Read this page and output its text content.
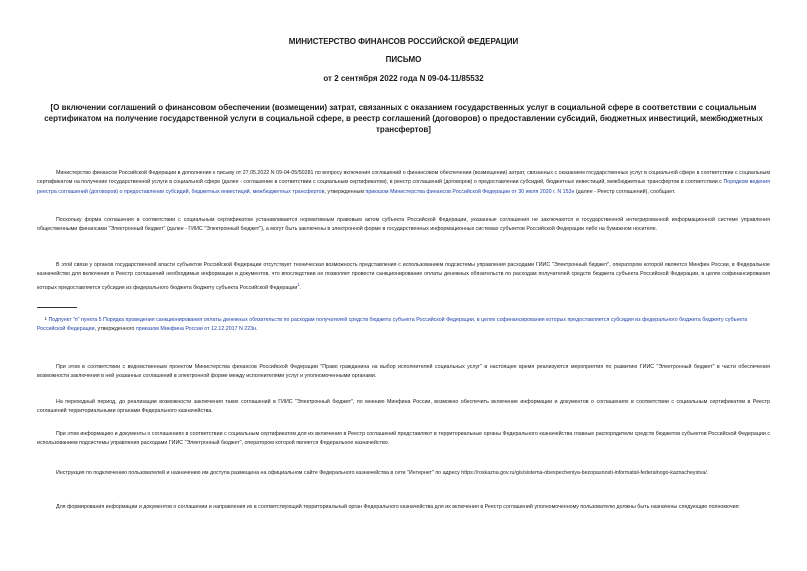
МИНИСТЕРСТВО ФИНАНСОВ РОССИЙСКОЙ ФЕДЕРАЦИИ
ПИСЬМО
от 2 сентября 2022 года N 09-04-11/85532
[О включении соглашений о финансовом обеспечении (возмещении) затрат, связанных с оказанием государственных услуг в социальной сфере в соответствии с социальным сертификатом на получение государственной услуги в социальной сфере, в реестр соглашений (договоров) о предоставлении субсидий, бюджетных инвестиций, межбюджетных трансфертов]
Министерство финансов Российской Федерации в дополнение к письму от 27.05.2022 N 09-04-05/50281 по вопросу включения соглашений о финансовом обеспечении (возмещении) затрат, связанных с оказанием государственных услуг в социальной сфере в соответствии с социальным сертификатом на получение государственной услуги в социальной сфере (далее - соглашение в соответствии с социальным сертификатом), в реестр соглашений (договоров) о предоставлении субсидий, бюджетных инвестиций, межбюджетных трансфертов в соответствии с Порядком ведения реестра соглашений (договоров) о предоставлении субсидий, бюджетных инвестиций, межбюджетных трансфертов, утвержденным приказом Министерства финансов Российской Федерации от 30 июля 2020 г. N 153н (далее - Реестр соглашений), сообщает.
Поскольку форма соглашения в соответствии с социальным сертификатом устанавливается нормативным правовым актом субъекта Российской Федерации, указанные соглашения не заключаются в государственной интегрированной информационной системе управления общественными финансами "Электронный бюджет" (далее - ГИИС "Электронный бюджет"), а могут быть заключены в электронной форме в государственных информационных системах субъектов Российской Федерации либо на бумажном носителе.
В этой связи у органов государственной власти субъектов Российской Федерации отсутствует техническая возможность представления с использованием подсистемы управления расходами ГИИС "Электронный бюджет", оператором которой является Минфин России, в Федеральное казначейство для включения в Реестр соглашений необходимых информации и документов, что впоследствии не позволяет провести санкционирование оплаты денежных обязательств по расходам получателей средств бюджета субъекта Российской Федерации, в целях софинансирования которых предоставляется субсидия из федерального бюджета бюджету субъекта Российской Федерации$^1$.
1 Подпункт "п" пункта 5 Порядка проведения санкционирования оплаты денежных обязательств по расходам получателей средств бюджета субъекта Российской Федерации, в целях софинансирования которых предоставляется субсидия из федерального бюджета бюджету субъекта Российской Федерации, утвержденного приказом Минфина России от 12.12.2017 N 223н.
При этом в соответствии с ведомственным проектом Министерства финансов Российской Федерации "Право гражданина на выбор исполнителей социальных услуг" в настоящее время реализуются мероприятия по развитию ГИИС "Электронный бюджет" в части обеспечения возможности заключения в ней указанных соглашений в электронной форме между исполнителями услуг и уполномоченными органами.
На переходный период, до реализации возможности заключения таких соглашений в ГИИС "Электронный бюджет", по мнению Минфина России, возможно обеспечить включение информации и документов о соглашениях в соответствии с социальным сертификатом в Реестр соглашений территориальными органами Федерального казначейства.
При этом информацию и документы о соглашениях в соответствии с социальным сертификатом для их включения в Реестр соглашений представляют в территориальные органы Федерального казначейства главные распорядители средств бюджетов субъектов Российской Федерации с использованием подсистемы управления расходами ГИИС "Электронный бюджет", оператором которой является Федеральное казначейство.
Инструкция по подключению пользователей и назначению им доступа размещена на официальном сайте Федерального казначейства в сети "Интернет" по адресу https://roskazna.gov.ru/gis/sistema-obespecheniya-bezopasnosti-informatsii-federalnogo-kaznacheystva/.
Для формирования информации и документов о соглашении и направления их в соответствующий территориальный орган Федерального казначейства для их включения в Реестр соглашений уполномоченному пользователю должны быть назначены следующие полномочия:
